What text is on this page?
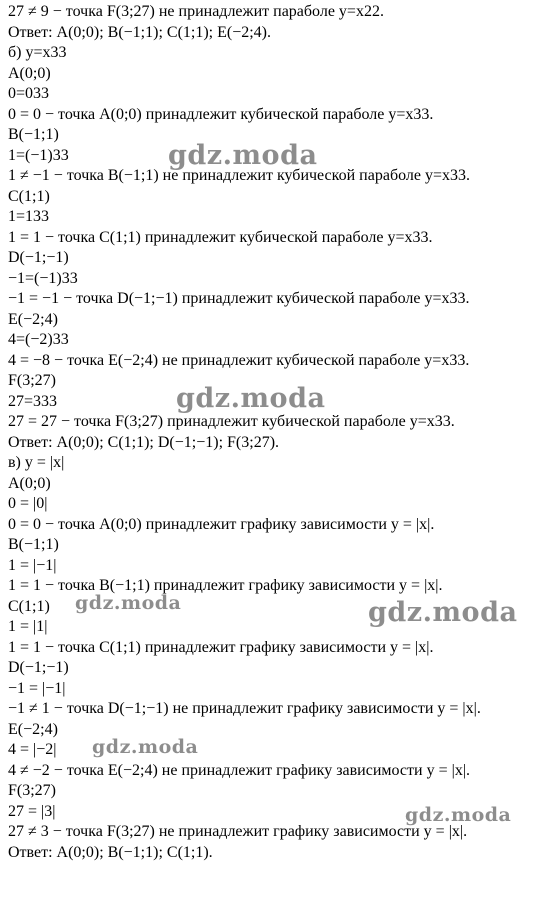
27 ≠ 9 − точка F(3;27) не принадлежит параболе y=x22.
Ответ: A(0;0); B(−1;1); C(1;1); E(−2;4).
б) y=x33
A(0;0)
0=033
0 = 0 − точка A(0;0) принадлежит кубической параболе y=x33.
B(−1;1)
1=(−1)33
1 ≠ −1 − точка B(−1;1) не принадлежит кубической параболе y=x33.
C(1;1)
1=133
1 = 1 − точка C(1;1) принадлежит кубической параболе y=x33.
D(−1;−1)
−1=(−1)33
−1 = −1 − точка D(−1;−1) принадлежит кубической параболе y=x33.
E(−2;4)
4=(−2)33
4 = −8 − точка E(−2;4) не принадлежит кубической параболе y=x33.
F(3;27)
27=333
27 = 27 − точка F(3;27) принадлежит кубической параболе y=x33.
Ответ: A(0;0); C(1;1); D(−1;−1); F(3;27).
в) y = |x|
A(0;0)
0 = |0|
0 = 0 − точка A(0;0) принадлежит графику зависимости y = |x|.
B(−1;1)
1 = |−1|
1 = 1 − точка B(−1;1) принадлежит графику зависимости y = |x|.
C(1;1)
1 = |1|
1 = 1 − точка C(1;1) принадлежит графику зависимости y = |x|.
D(−1;−1)
−1 = |−1|
−1 ≠ 1 − точка D(−1;−1) не принадлежит графику зависимости y = |x|.
E(−2;4)
4 = |−2|
4 ≠ −2 − точка E(−2;4) не принадлежит графику зависимости y = |x|.
F(3;27)
27 = |3|
27 ≠ 3 − точка F(3;27) не принадлежит графику зависимости y = |x|.
Ответ: A(0;0); B(−1;1); C(1;1).
gdz.moda
gdz.moda
gdz.moda	gdz.moda
gdz.moda
gdz.moda
